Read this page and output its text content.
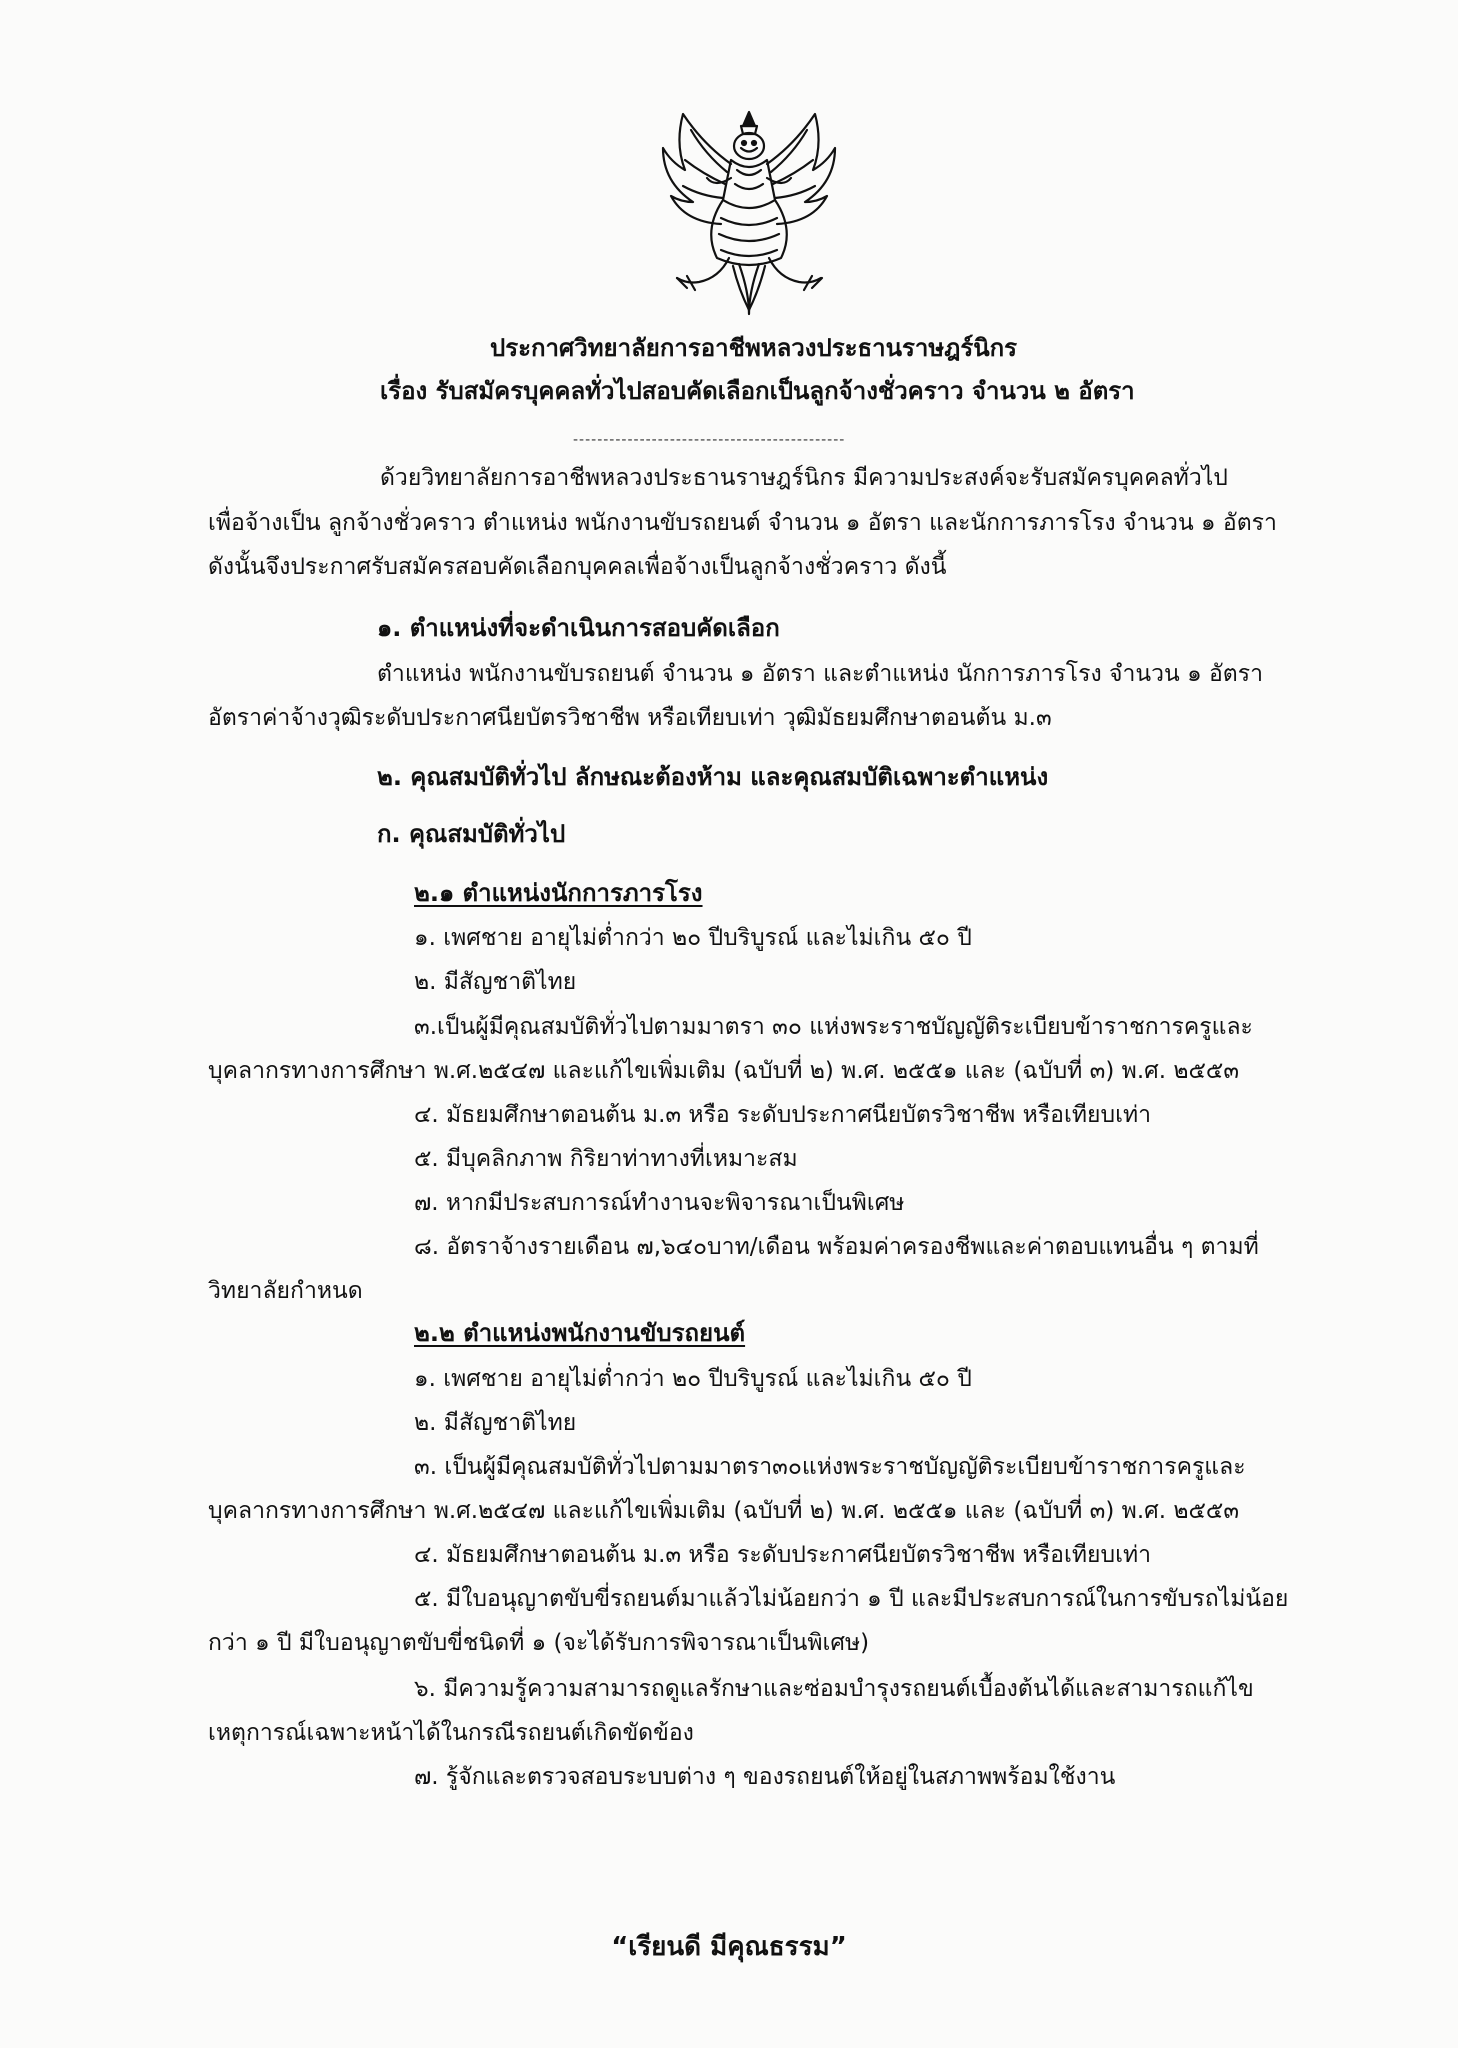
ประกาศวิทยาลัยการอาชีพหลวงประธานราษฎร์นิกร
เรื่อง รับสมัครบุคคลทั่วไปสอบคัดเลือกเป็นลูกจ้างชั่วคราว จำนวน ๒ อัตรา
---------------------------------------------
ด้วยวิทยาลัยการอาชีพหลวงประธานราษฎร์นิกร มีความประสงค์จะรับสมัครบุคคลทั่วไป
เพื่อจ้างเป็น ลูกจ้างชั่วคราว ตำแหน่ง พนักงานขับรถยนต์ จำนวน ๑ อัตรา และนักการภารโรง จำนวน ๑ อัตรา
ดังนั้นจึงประกาศรับสมัครสอบคัดเลือกบุคคลเพื่อจ้างเป็นลูกจ้างชั่วคราว ดังนี้
๑. ตำแหน่งที่จะดำเนินการสอบคัดเลือก
ตำแหน่ง พนักงานขับรถยนต์ จำนวน ๑ อัตรา และตำแหน่ง นักการภารโรง จำนวน ๑ อัตรา
อัตราค่าจ้างวุฒิระดับประกาศนียบัตรวิชาชีพ หรือเทียบเท่า วุฒิมัธยมศึกษาตอนต้น ม.๓
๒. คุณสมบัติทั่วไป ลักษณะต้องห้าม และคุณสมบัติเฉพาะตำแหน่ง
ก. คุณสมบัติทั่วไป
๒.๑ ตำแหน่งนักการภารโรง
๑. เพศชาย อายุไม่ต่ำกว่า ๒๐ ปีบริบูรณ์ และไม่เกิน ๕๐ ปี
๒. มีสัญชาติไทย
๓.เป็นผู้มีคุณสมบัติทั่วไปตามมาตรา ๓๐ แห่งพระราชบัญญัติระเบียบข้าราชการครูและ
บุคลากรทางการศึกษา พ.ศ.๒๕๔๗ และแก้ไขเพิ่มเติม (ฉบับที่ ๒) พ.ศ. ๒๕๕๑ และ (ฉบับที่ ๓) พ.ศ. ๒๕๕๓
๔. มัธยมศึกษาตอนต้น ม.๓ หรือ ระดับประกาศนียบัตรวิชาชีพ หรือเทียบเท่า
๕. มีบุคลิกภาพ กิริยาท่าทางที่เหมาะสม
๗. หากมีประสบการณ์ทำงานจะพิจารณาเป็นพิเศษ
๘. อัตราจ้างรายเดือน ๗,๖๔๐บาท/เดือน พร้อมค่าครองชีพและค่าตอบแทนอื่น ๆ ตามที่
วิทยาลัยกำหนด
๒.๒ ตำแหน่งพนักงานขับรถยนต์
๑. เพศชาย อายุไม่ต่ำกว่า ๒๐ ปีบริบูรณ์ และไม่เกิน ๕๐ ปี
๒. มีสัญชาติไทย
๓. เป็นผู้มีคุณสมบัติทั่วไปตามมาตรา๓๐แห่งพระราชบัญญัติระเบียบข้าราชการครูและ
บุคลากรทางการศึกษา พ.ศ.๒๕๔๗ และแก้ไขเพิ่มเติม (ฉบับที่ ๒) พ.ศ. ๒๕๕๑ และ (ฉบับที่ ๓) พ.ศ. ๒๕๕๓
๔. มัธยมศึกษาตอนต้น ม.๓ หรือ ระดับประกาศนียบัตรวิชาชีพ หรือเทียบเท่า
๕. มีใบอนุญาตขับขี่รถยนต์มาแล้วไม่น้อยกว่า ๑ ปี และมีประสบการณ์ในการขับรถไม่น้อย
กว่า ๑ ปี มีใบอนุญาตขับขี่ชนิดที่ ๑ (จะได้รับการพิจารณาเป็นพิเศษ)
๖. มีความรู้ความสามารถดูแลรักษาและซ่อมบำรุงรถยนต์เบื้องต้นได้และสามารถแก้ไข
เหตุการณ์เฉพาะหน้าได้ในกรณีรถยนต์เกิดขัดข้อง
๗. รู้จักและตรวจสอบระบบต่าง ๆ ของรถยนต์ให้อยู่ในสภาพพร้อมใช้งาน
“เรียนดี มีคุณธรรม”
